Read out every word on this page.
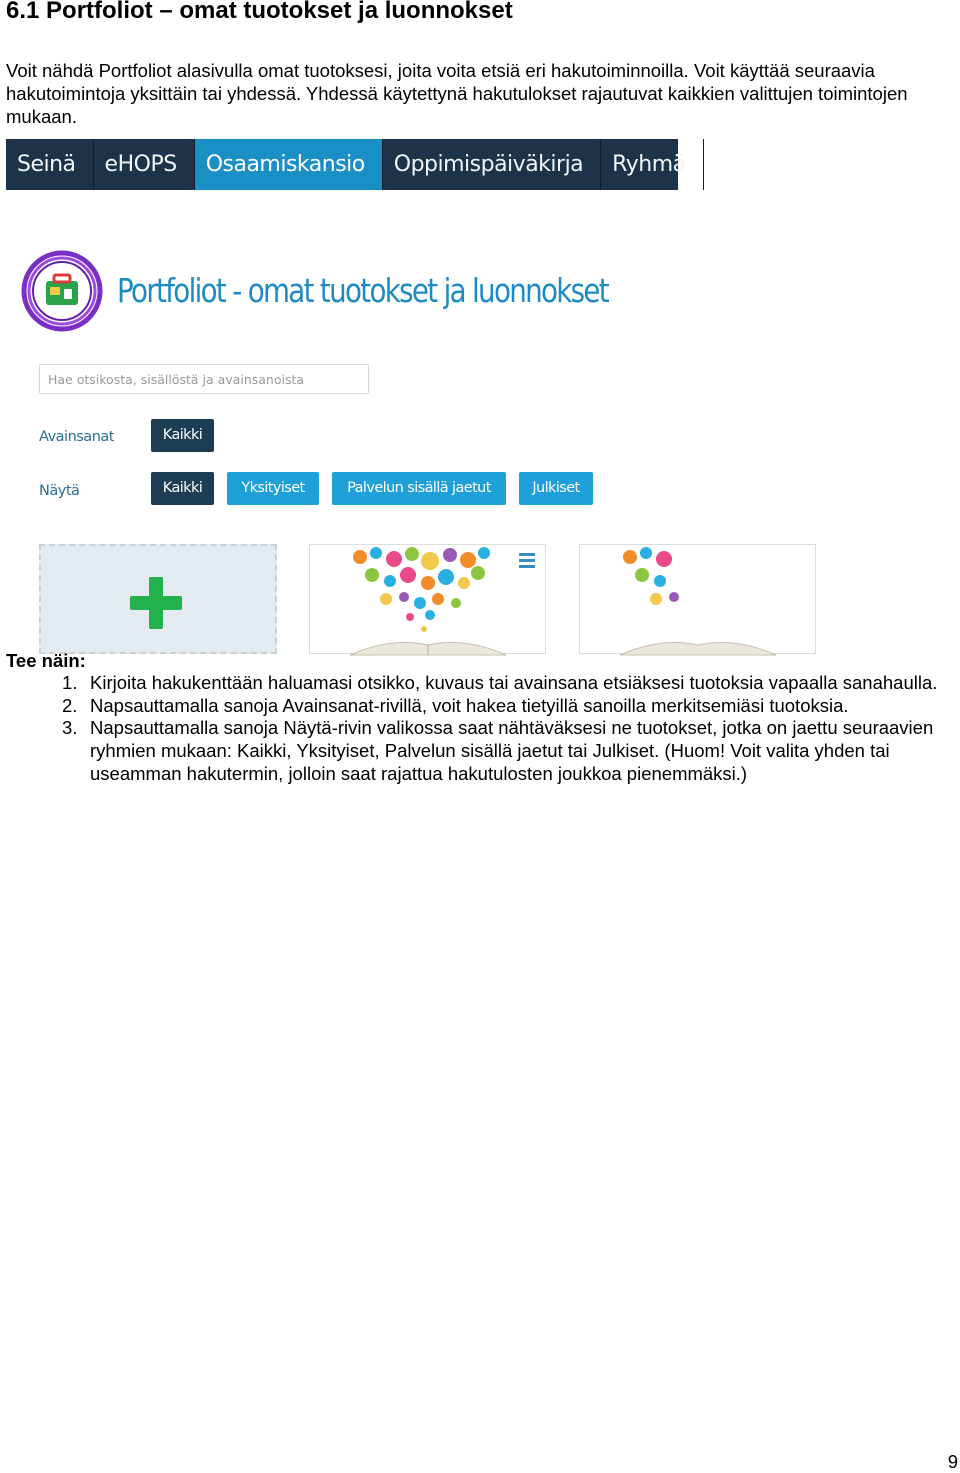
6.1 Portfoliot – omat tuotokset ja luonnokset

Voit nähdä Portfoliot alasivulla omat tuotoksesi, joita voita etsiä eri hakutoiminnoilla. Voit käyttää seuraavia hakutoimintoja yksittäin tai yhdessä. Yhdessä käytettynä hakutulokset rajautuvat kaikkien valittujen toimintojen mukaan.

Seinä	eHOPS	Osaamiskansio	Oppimispäiväkirja	Ryhmä
Portfoliot - omat tuotokset ja luonnokset
Hae otsikosta, sisällöstä ja avainsanoista
Avainsanat	Kaikki
Näytä	Kaikki	Yksityiset	Palvelun sisällä jaetut	Julkiset
Tee näin:
1. Kirjoita hakukenttään haluamasi otsikko, kuvaus tai avainsana etsiäksesi tuotoksia vapaalla sanahaulla.
2. Napsauttamalla sanoja Avainsanat-rivillä, voit hakea tietyillä sanoilla merkitsemiäsi tuotoksia.
3. Napsauttamalla sanoja Näytä-rivin valikossa saat nähtäväksesi ne tuotokset, jotka on jaettu seuraavien ryhmien mukaan: Kaikki, Yksityiset, Palvelun sisällä jaetut tai Julkiset. (Huom! Voit valita yhden tai useamman hakutermin, jolloin saat rajattua hakutulosten joukkoa pienemmäksi.)
9
